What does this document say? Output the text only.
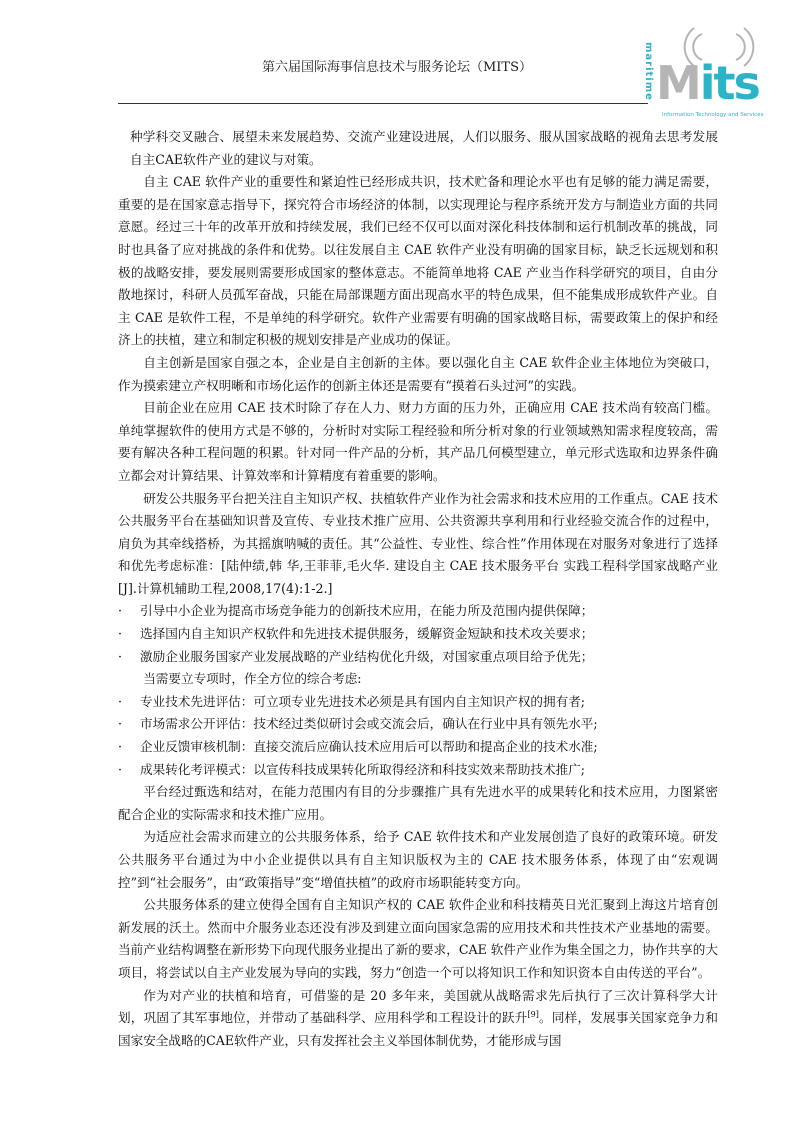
第六届国际海事信息技术与服务论坛（MITS）	maritime Mits
Information Technology and Services

种学科交叉融合、展望未来发展趋势、交流产业建设进展，人们以服务、服从国家战略的视角去思考发展自主CAE软件产业的建议与对策。

自主 CAE 软件产业的重要性和紧迫性已经形成共识，技术贮备和理论水平也有足够的能力满足需要，重要的是在国家意志指导下，探究符合市场经济的体制，以实现理论与程序系统开发方与制造业方面的共同意愿。经过三十年的改革开放和持续发展，我们已经不仅可以面对深化科技体制和运行机制改革的挑战，同时也具备了应对挑战的条件和优势。以往发展自主 CAE 软件产业没有明确的国家目标，缺乏长远规划和积极的战略安排，要发展则需要形成国家的整体意志。不能简单地将 CAE 产业当作科学研究的项目，自由分散地探讨，科研人员孤军奋战，只能在局部课题方面出现高水平的特色成果，但不能集成形成软件产业。自主 CAE 是软件工程，不是单纯的科学研究。软件产业需要有明确的国家战略目标，需要政策上的保护和经济上的扶植，建立和制定积极的规划安排是产业成功的保证。

自主创新是国家自强之本，企业是自主创新的主体。要以强化自主 CAE 软件企业主体地位为突破口，作为摸索建立产权明晰和市场化运作的创新主体还是需要有“摸着石头过河”的实践。

目前企业在应用 CAE 技术时除了存在人力、财力方面的压力外，正确应用 CAE 技术尚有较高门槛。单纯掌握软件的使用方式是不够的，分析时对实际工程经验和所分析对象的行业领域熟知需求程度较高，需要有解决各种工程问题的积累。针对同一件产品的分析，其产品几何模型建立，单元形式选取和边界条件确立都会对计算结果、计算效率和计算精度有着重要的影响。

研发公共服务平台把关注自主知识产权、扶植软件产业作为社会需求和技术应用的工作重点。CAE 技术公共服务平台在基础知识普及宣传、专业技术推广应用、公共资源共享利用和行业经验交流合作的过程中，肩负为其牵线搭桥，为其摇旗呐喊的责任。其“公益性、专业性、综合性”作用体现在对服务对象进行了选择和优先考虑标准：[陆仲绩,韩 华,王菲菲,毛火华. 建设自主 CAE 技术服务平台 实践工程科学国家战略产业[J].计算机辅助工程,2008,17(4):1-2.]

· 引导中小企业为提高市场竞争能力的创新技术应用，在能力所及范围内提供保障；

· 选择国内自主知识产权软件和先进技术提供服务，缓解资金短缺和技术攻关要求；

· 激励企业服务国家产业发展战略的产业结构优化升级，对国家重点项目给予优先；

当需要立专项时，作全方位的综合考虑:

· 专业技术先进评估：可立项专业先进技术必须是具有国内自主知识产权的拥有者;

· 市场需求公开评估：技术经过类似研讨会或交流会后，确认在行业中具有领先水平;

· 企业反馈审核机制：直接交流后应确认技术应用后可以帮助和提高企业的技术水准;

· 成果转化考评模式：以宣传科技成果转化所取得经济和科技实效来帮助技术推广;

平台经过甄选和结对，在能力范围内有目的分步骤推广具有先进水平的成果转化和技术应用，力图紧密配合企业的实际需求和技术推广应用。

为适应社会需求而建立的公共服务体系，给予 CAE 软件技术和产业发展创造了良好的政策环境。研发公共服务平台通过为中小企业提供以具有自主知识版权为主的 CAE 技术服务体系，体现了由“宏观调控”到“社会服务”，由“政策指导”变“增值扶植”的政府市场职能转变方向。

公共服务体系的建立使得全国有自主知识产权的 CAE 软件企业和科技精英日光汇聚到上海这片培育创新发展的沃土。然而中介服务业态还没有涉及到建立面向国家急需的应用技术和共性技术产业基地的需要。当前产业结构调整在新形势下向现代服务业提出了新的要求，CAE 软件产业作为集全国之力，协作共享的大项目，将尝试以自主产业发展为导向的实践，努力“创造一个可以将知识工作和知识资本自由传送的平台”。

作为对产业的扶植和培育，可借鉴的是 20 多年来，美国就从战略需求先后执行了三次计算科学大计划，巩固了其军事地位，并带动了基础科学、应用科学和工程设计的跃升[9]。同样，发展事关国家竞争力和国家安全战略的CAE软件产业，只有发挥社会主义举国体制优势，才能形成与国
